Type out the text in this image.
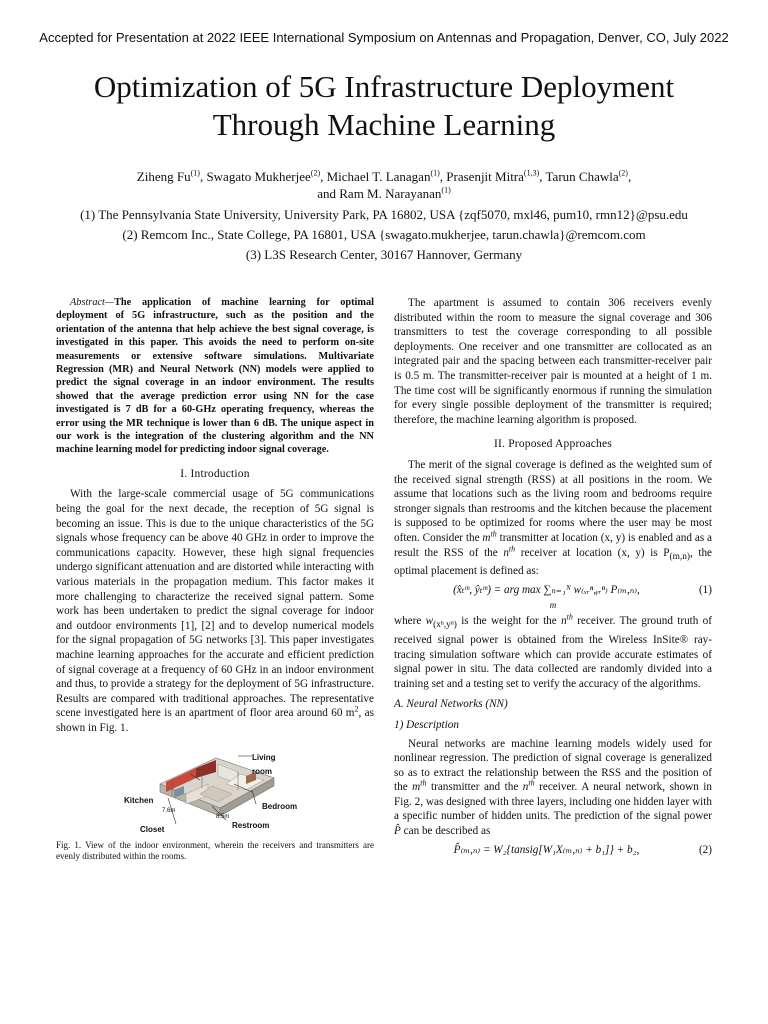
Accepted for Presentation at 2022 IEEE International Symposium on Antennas and Propagation, Denver, CO, July 2022
Optimization of 5G Infrastructure Deployment
Through Machine Learning
Ziheng Fu$^{(1)}$, Swagato Mukherjee$^{(2)}$, Michael T. Lanagan$^{(1)}$, Prasenjit Mitra$^{(1,3)}$, Tarun Chawla$^{(2)}$,
and Ram M. Narayanan$^{(1)}$
(1) The Pennsylvania State University, University Park, PA 16802, USA {zqf5070, mxl46, pum10, rmn12}@psu.edu
(2) Remcom Inc., State College, PA 16801, USA {swagato.mukherjee, tarun.chawla}@remcom.com
(3) L3S Research Center, 30167 Hannover, Germany

Abstract—The application of machine learning for optimal deployment of 5G infrastructure, such as the position and the orientation of the antenna that help achieve the best signal coverage, is investigated in this paper. This avoids the need to perform on-site measurements or extensive software simulations. Multivariate Regression (MR) and Neural Network (NN) models were applied to predict the signal coverage in an indoor environment. The results showed that the average prediction error using NN for the case investigated is 7 dB for a 60-GHz operating frequency, whereas the error using the MR technique is lower than 6 dB. The unique aspect in our work is the integration of the clustering algorithm and the NN machine learning model for predicting indoor signal coverage.

I. Introduction

With the large-scale commercial usage of 5G communications being the goal for the next decade, the reception of 5G signal is becoming an issue. This is due to the unique characteristics of the 5G signals whose frequency can be above 40 GHz in order to improve the communications capacity. However, these high signal frequencies undergo significant attenuation and are distorted while interacting with various materials in the propagation medium. This factor makes it more challenging to characterize the received signal pattern. Some work has been undertaken to predict the signal coverage for indoor and outdoor environments [1], [2] and to develop numerical models for the signal propagation of 5G networks [3]. This paper investigates machine learning approaches for the accurate and efficient prediction of signal coverage at a frequency of 60 GHz in an indoor environment and thus, to provide a strategy for the deployment of 5G infrastructure. Results are compared with traditional approaches. The representative scene investigated here is an apartment of floor area around 60 $m^2$, as shown in Fig. 1.

Living room
Kitchen
Bedroom
Closet	Restroom
7.6m
8.5m
Fig. 1. View of the indoor environment, wherein the receivers and transmitters are evenly distributed within the rooms.

The apartment is assumed to contain 306 receivers evenly distributed within the room to measure the signal coverage and 306 transmitters to test the coverage corresponding to all possible deployments. One receiver and one transmitter are collocated as an integrated pair and the spacing between each transmitter-receiver pair is 0.5 m. The transmitter-receiver pair is mounted at a height of 1 m. The time cost will be significantly enormous if running the simulation for every single possible deployment of the transmitter is required; therefore, the machine learning algorithm is proposed.

II. Proposed Approaches

The merit of the signal coverage is defined as the weighted sum of the received signal strength (RSS) at all positions in the room. We assume that locations such as the living room and bedrooms require stronger signals than restrooms and the kitchen because the placement is supposed to be optimized for rooms where the user may be most often. Consider the $m^{th}$ transmitter at location (x, y) is enabled and as a result the RSS of the $n^{th}$ receiver at location (x, y) is $P_{(m,n)}$, the optimal placement is defined as:

(x̂ₜᵐ, ŷₜᵐ) = arg max ∑ₙ₌₁ᴺ w₍ₓᵣⁿ,ᵧᵣⁿ₎ P₍ₘ,ₙ₎,	(1)
m

where $w_{(x^n,y^n)}$ is the weight for the $n^{th}$ receiver. The ground truth of received signal power is obtained from the Wireless InSite® ray-tracing simulation software which can provide accurate estimates of signal power in situ. The data collected are randomly divided into a training set and a testing set to verify the accuracy of the algorithms.

A. Neural Networks (NN)
1) Description

Neural networks are machine learning models widely used for nonlinear regression. The prediction of signal coverage is generalized so as to extract the relationship between the RSS and the position of the $m^{th}$ transmitter and the $n^{th}$ receiver. A neural network, shown in Fig. 2, was designed with three layers, including one hidden layer with a specific number of hidden units. The prediction of the signal power P̂ can be described as

P̂₍ₘ,ₙ₎ = W₂{tansig[W₁X₍ₘ,ₙ₎ + b₁]} + b₂,	(2)
